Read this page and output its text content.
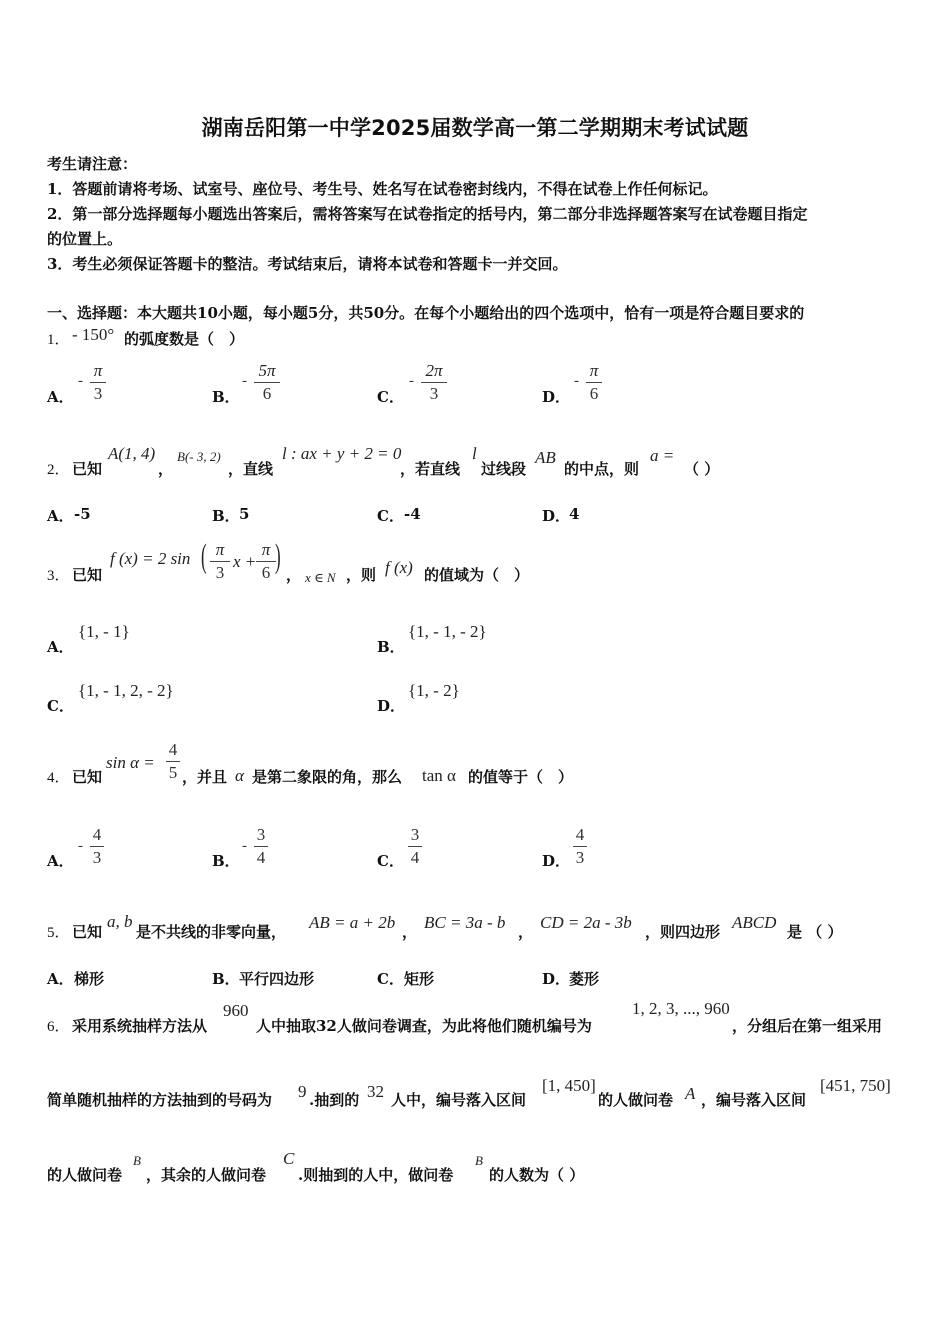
湖南岳阳第一中学2025届数学高一第二学期期末考试试题
考生请注意：
1．答题前请将考场、试室号、座位号、考生号、姓名写在试卷密封线内，不得在试卷上作任何标记。
2．第一部分选择题每小题选出答案后，需将答案写在试卷指定的括号内，第二部分非选择题答案写在试卷题目指定
的位置上。
3．考生必须保证答题卡的整洁。考试结束后，请将本试卷和答题卡一并交回。
一、选择题：本大题共10小题，每小题5分，共50分。在每个小题给出的四个选项中，恰有一项是符合题目要求的
1． - 150° 的弧度数是（　）
A．
-
π
3	B．
-
5π
6	C．
-
2π
3	D．
-
π
6
2． 已知
A(1, 4)
，
B(- 3, 2)
，直线
l : ax + y + 2 = 0
，若直线
l
过线段
AB
的中点，则
a =
（ ）
A． -5	B． 5	C． -4	D．
4
3． 已知
f (x) = 2 sin ( π
3
x +
π
6 ) ， x ∈ N ，则 f (x) 的值域为（　）
A．
{1, - 1}
B．
{1, - 1, - 2}
C．
{1, - 1, 2, - 2}
D．
{1, - 2}
4． 已知
sin α =
4
5 ，并且 α 是第二象限的角，那么 tan α 的值等于（　）
A．
-
4
3	B．
-
3
4	C．
3
4	D．
4
3
5． 已知
a, b
是不共线的非零向量， AB = a + 2b ， BC = 3a - b ， CD = 2a - 3b ，则四边形 ABCD 是 （ ）
A． 梯形	B． 平行四边形	C． 矩形	D．
菱形
6． 采用系统抽样方法从
960
人中抽取32人做问卷调查，为此将他们随机编号为
1, 2, 3, ..., 960
，分组后在第一组采用
简单随机抽样的方法抽到的号码为 9 .抽到的 32 人中，编号落入区间
[1, 450]
的人做问卷 A ，编号落入区间
[451, 750]
的人做问卷
B
，其余的人做问卷
C
.则抽到的人中，做问卷
B
的人数为（ ）
